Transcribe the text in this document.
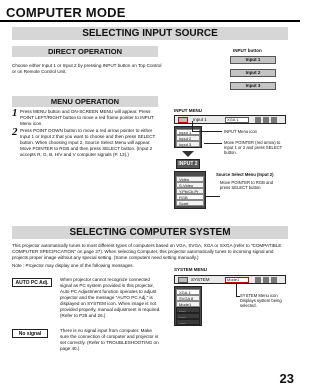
COMPUTER MODE
SELECTING INPUT SOURCE
DIRECT OPERATION
Choose either Input 1 or Input 2 by pressing INPUT button on Top Control or on Remote Control Unit.
INPUT button
Input 1
Input 2
Input 3
MENU OPERATION
1 Press MENU button and ON-SCREEN MENU will appear. Press POINT LEFT/RIGHT button to move a red frame pointer to INPUT Menu icon.
2 Press POINT DOWN button to move a red arrow pointer to either Input 1 or Input 2 that you want to choose and then press SELECT button. When choosing Input 2, Source Select Menu will appear. Move POINTER to RGB and then press SELECT button. (Input 2 accepts R, G, B, H/V and V computer signals (P. 13).)
INPUT MENU
Input 1	XGA 1
Input 1
Input 2
Input 3
INPUT Menu icon
Move POINTER (red arrow) to Input 1 or 2 and press SELECT button.
INPUT 2
Video
S-Video
Y,Pb/Cb,Pr
RGB
Scart
Source Select Menu (Input 2)
Move POINTER to RGB and press SELECT button.
SELECTING COMPUTER SYSTEM
This projector automatically tunes to most different types of computers based on VGA, SVGA, XGA or SXGA (refer to "COMPATIBLE COMPUTER SPECIFICATION" on page 27). When selecting Computer, this projector automatically tunes to incoming signal and projects proper image without any special setting. (Some computers need setting manually.)
Note : Projector may display one of the following messages.
AUTO PC Adj.
When projector cannot recognize connected signal as PC system provided in this projector, Auto PC Adjustment function operates to adjust projector and the message "AUTO PC Adj." is displayed on SYSTEM icon. When image is not provided properly, manual adjustment is required. (Refer to P25 and 26.)
No signal
There is no signal input from computer. Make sure the connection of computer and projector is set correctly. (Refer to TROUBLESHOOTING on page 40.)
SYSTEM MENU
SYSTEM	Mode1
XGA 1
SVGA 8
Mode1
-----
-----
-----
SYSTEM Menu icon Displays system being selected.
23
